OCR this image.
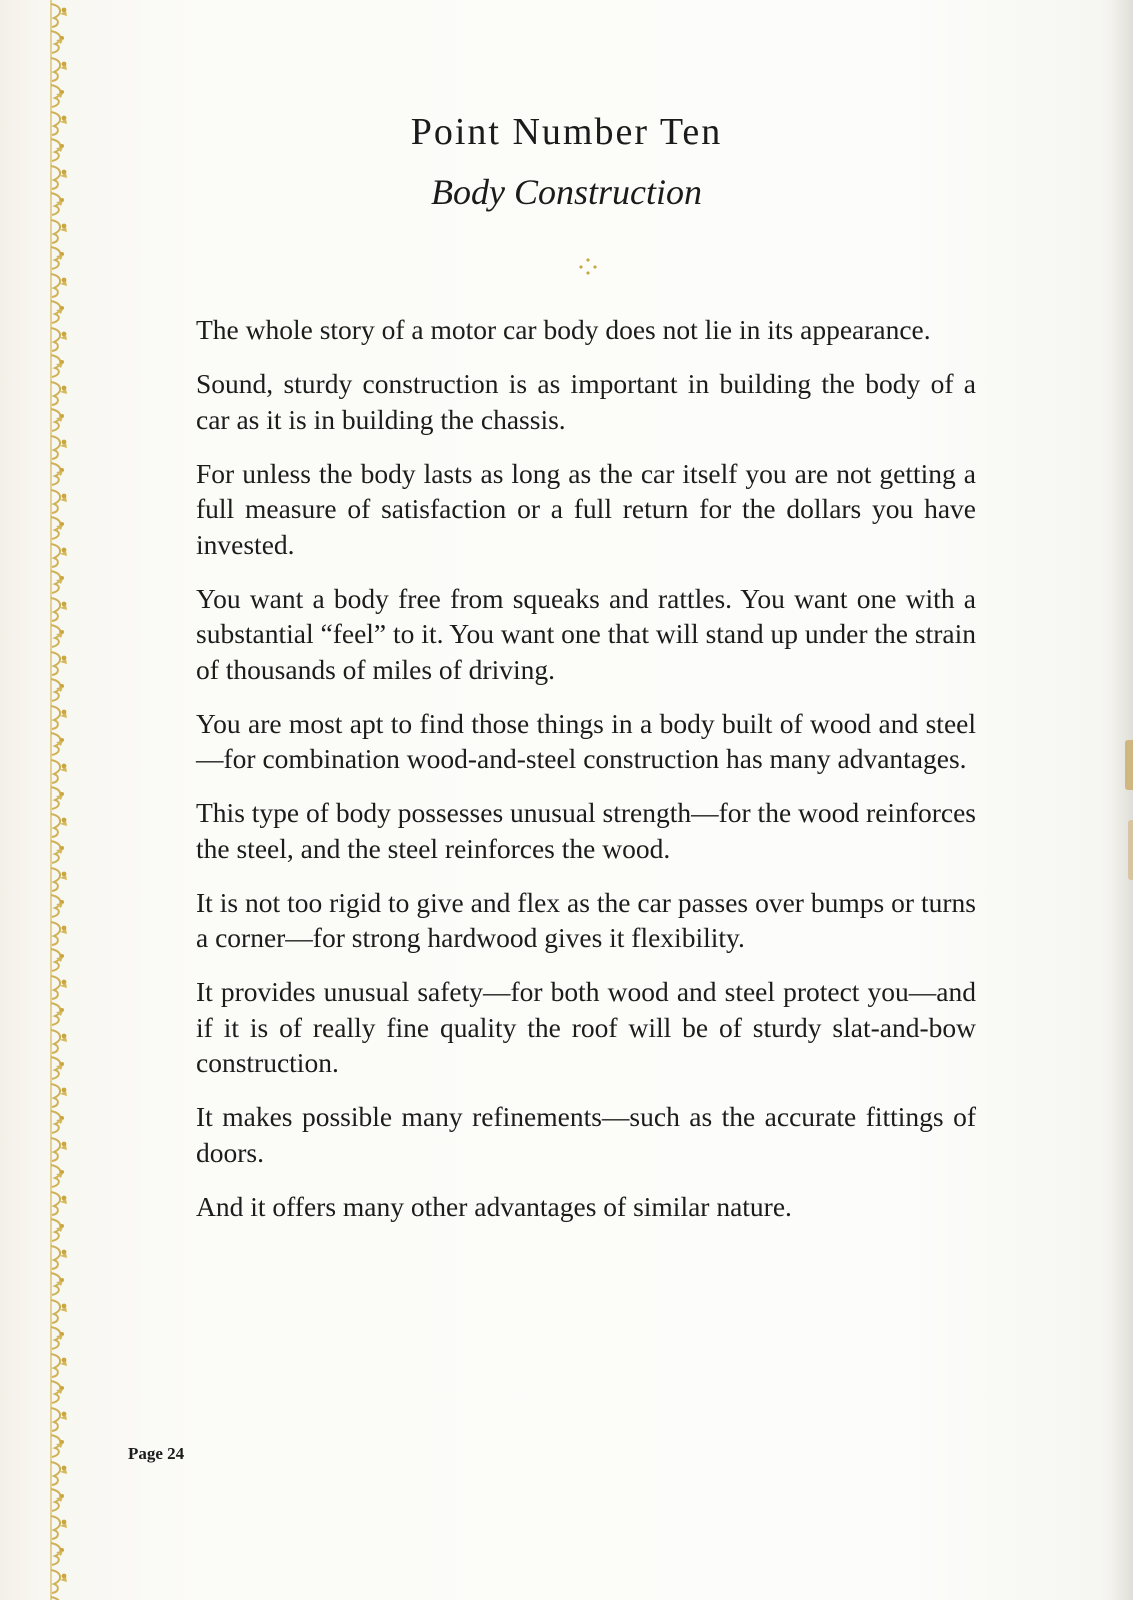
Point Number Ten
Body Construction

The whole story of a motor car body does not lie in its appearance.

Sound, sturdy construction is as important in building the body of a car as it is in building the chassis.

For unless the body lasts as long as the car itself you are not getting a full measure of satisfaction or a full return for the dollars you have invested.

You want a body free from squeaks and rattles. You want one with a substantial “feel” to it. You want one that will stand up under the strain of thousands of miles of driving.

You are most apt to find those things in a body built of wood and steel—for combination wood-and-steel construction has many advantages.

This type of body possesses unusual strength—for the wood reinforces the steel, and the steel reinforces the wood.

It is not too rigid to give and flex as the car passes over bumps or turns a corner—for strong hardwood gives it flexibility.

It provides unusual safety—for both wood and steel protect you—and if it is of really fine quality the roof will be of sturdy slat-and-bow construction.

It makes possible many refinements—such as the accurate fittings of doors.

And it offers many other advantages of similar nature.

Page 24
